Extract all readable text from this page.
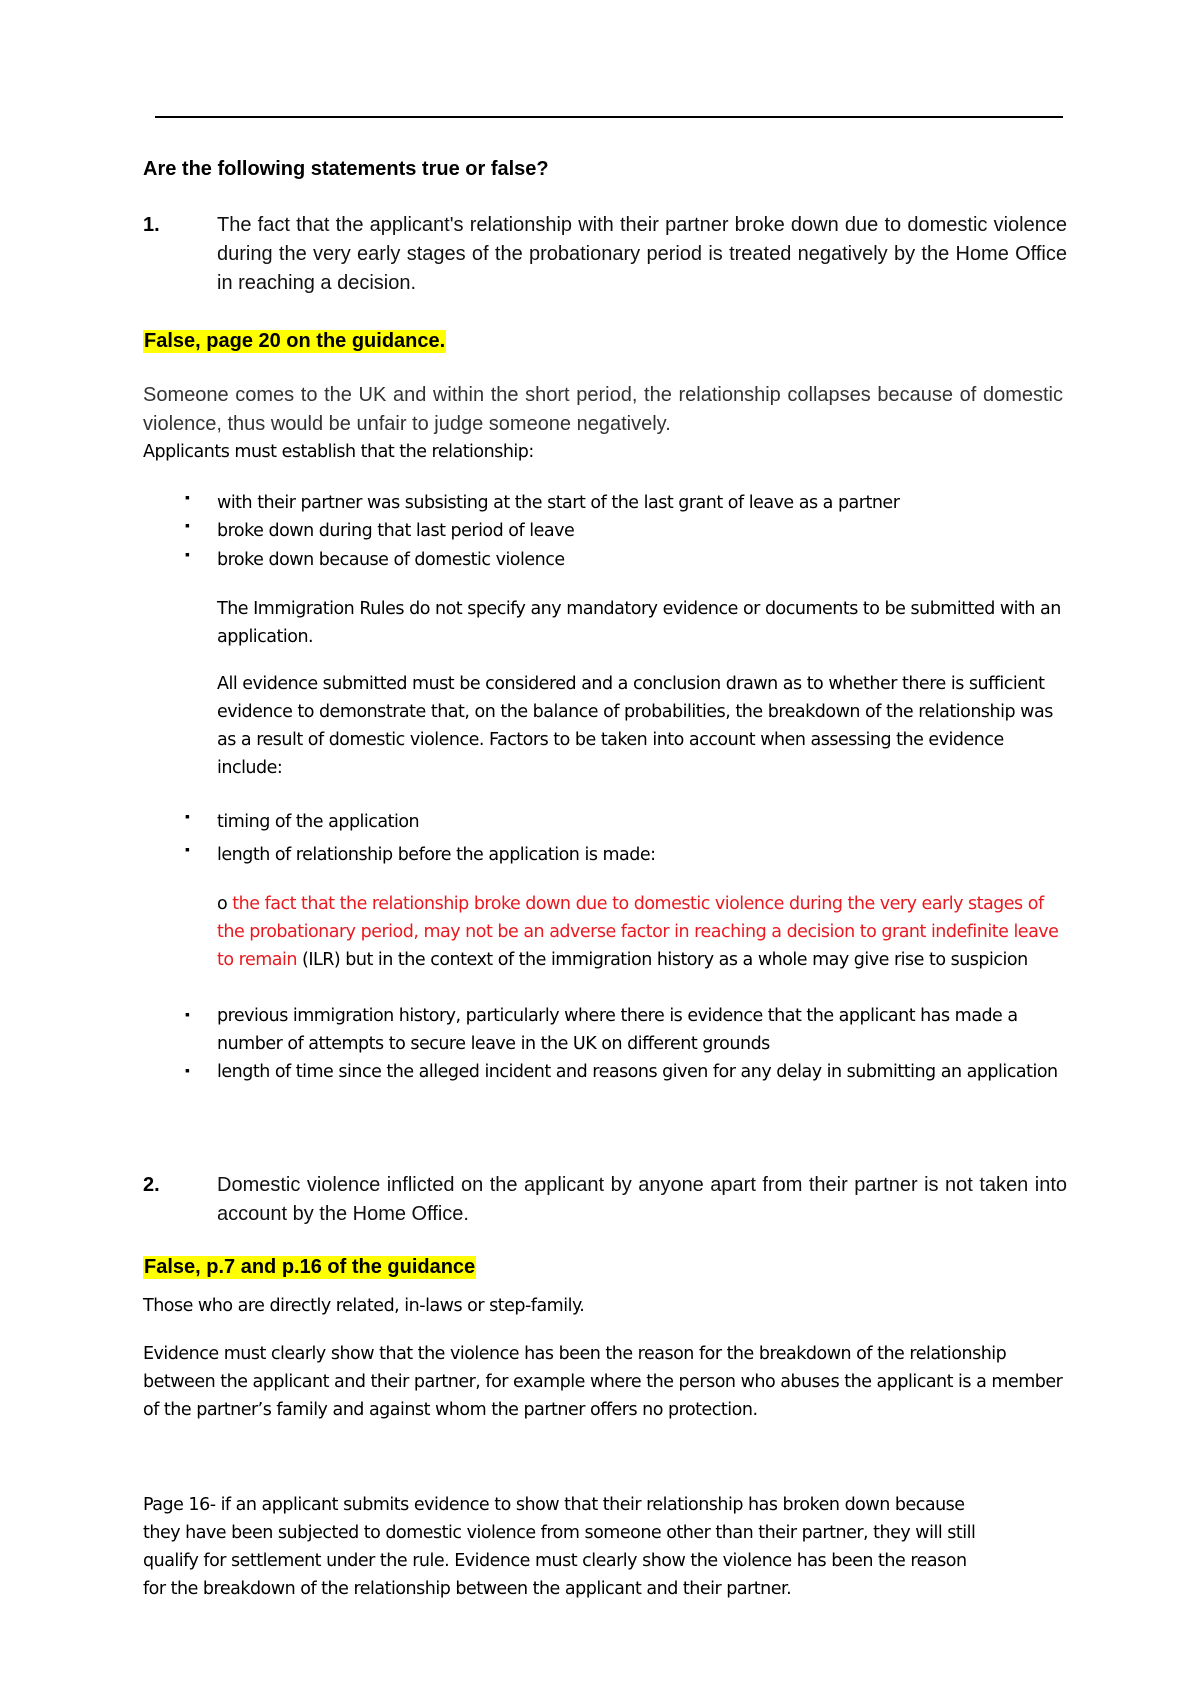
Are the following statements true or false?
1.	The fact that the applicant's relationship with their partner broke down due to domestic violence during the very early stages of the probationary period is treated negatively by the Home Office in reaching a decision.
False, page 20 on the guidance.
Someone comes to the UK and within the short period, the relationship collapses because of domestic violence, thus would be unfair to judge someone negatively.
Applicants must establish that the relationship:
▪ with their partner was subsisting at the start of the last grant of leave as a partner
▪ broke down during that last period of leave
▪ broke down because of domestic violence
The Immigration Rules do not specify any mandatory evidence or documents to be submitted with an application.
All evidence submitted must be considered and a conclusion drawn as to whether there is sufficient evidence to demonstrate that, on the balance of probabilities, the breakdown of the relationship was as a result of domestic violence. Factors to be taken into account when assessing the evidence include:
▪ timing of the application
▪ length of relationship before the application is made:
o the fact that the relationship broke down due to domestic violence during the very early stages of the probationary period, may not be an adverse factor in reaching a decision to grant indefinite leave to remain (ILR) but in the context of the immigration history as a whole may give rise to suspicion
▪ previous immigration history, particularly where there is evidence that the applicant has made a number of attempts to secure leave in the UK on different grounds
▪ length of time since the alleged incident and reasons given for any delay in submitting an application
2.	Domestic violence inflicted on the applicant by anyone apart from their partner is not taken into account by the Home Office.
False, p.7 and p.16 of the guidance
Those who are directly related, in-laws or step-family.
Evidence must clearly show that the violence has been the reason for the breakdown of the relationship between the applicant and their partner, for example where the person who abuses the applicant is a member of the partner’s family and against whom the partner offers no protection.
Page 16- if an applicant submits evidence to show that their relationship has broken down because they have been subjected to domestic violence from someone other than their partner, they will still qualify for settlement under the rule. Evidence must clearly show the violence has been the reason for the breakdown of the relationship between the applicant and their partner.
